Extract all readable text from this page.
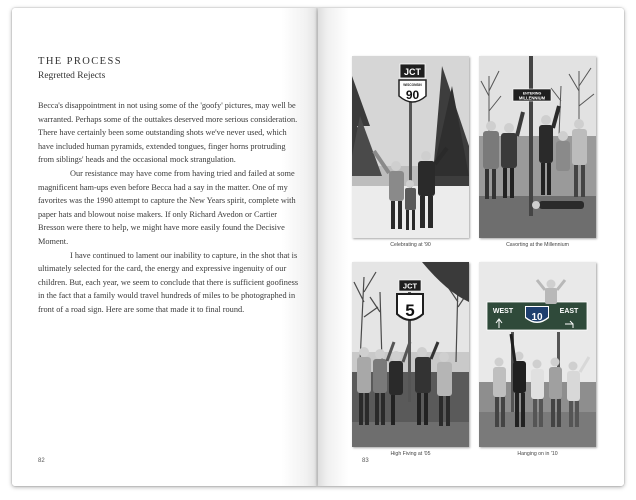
THE PROCESS
Regretted Rejects

Becca's disappointment in not using some of the 'goofy' pictures, may well be warranted. Perhaps some of the outtakes deserved more serious consideration. There have certainly been some outstanding shots we've never used, which have included human pyramids, extended tongues, finger horns protruding from siblings' heads and the occasional mock strangulation.

Our resistance may have come from having tried and failed at some magnificent ham-ups even before Becca had a say in the matter. One of my favorites was the 1990 attempt to capture the New Years spirit, complete with paper hats and blowout noise makers. If only Richard Avedon or Cartier Bresson were there to help, we might have more easily found the Decisive Moment.

I have continued to lament our inability to capture, in the shot that is ultimately selected for the card, the energy and expressive ingenuity of our children. But, each year, we seem to conclude that there is sufficient goofiness in the fact that a family would travel hundreds of miles to be photographed in front of a road sign. Here are some that made it to final round.

82
JCT
WISCONSIN
90
Celebrating at '90
ENTERING
MILLENNIUM
Cavorting at the Millennium
JCT
5
High Fiving at '05
WEST	EAST
10
Hanging on in '10
83
